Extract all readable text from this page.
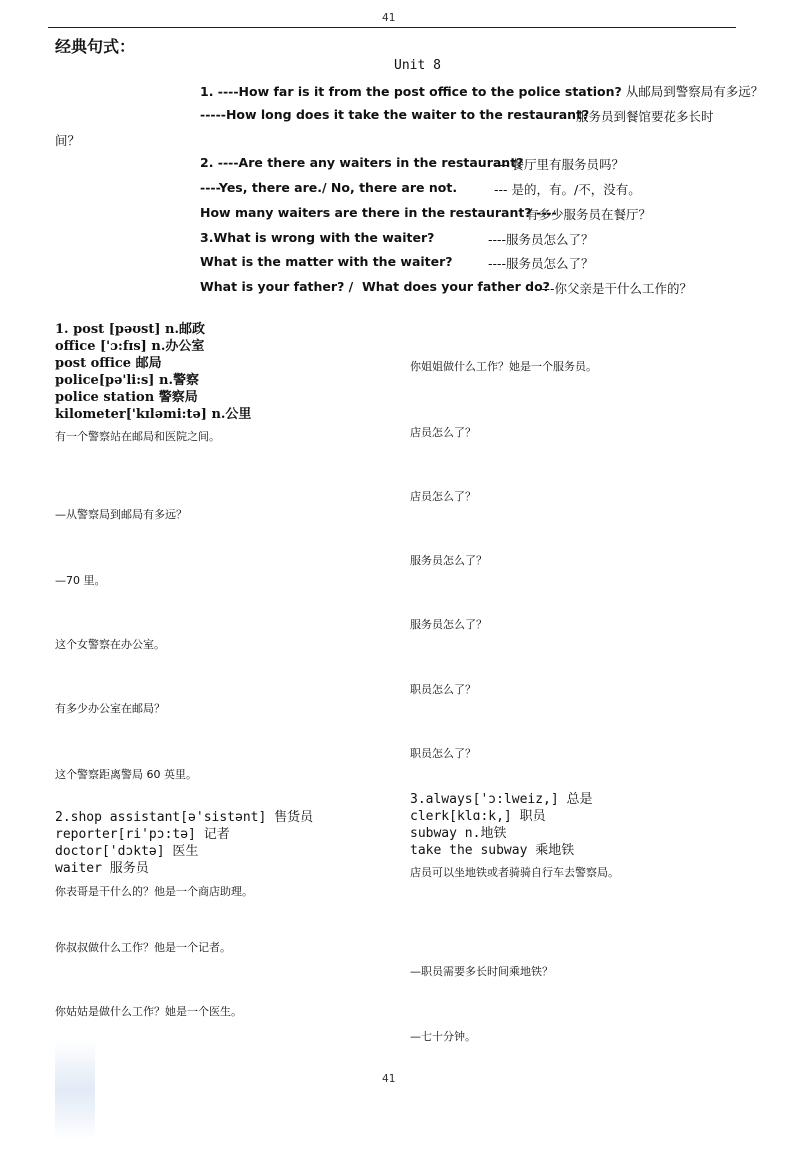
41
经典句式：
Unit 8
1. ----How far is it from the post office to the police station? 从邮局到警察局有多远？
-----How long does it take the waiter to the restaurant?
服务员到餐馆要花多长时
间？
2. ----Are there any waiters in the restaurant?
--- 餐厅里有服务员吗？
----Yes, there are./ No, there are not.	--- 是的，有。/不，没有。
How many waiters are there in the restaurant? ----
有多少服务员在餐厅？
3.What is wrong with the waiter?	----服务员怎么了？
What is the matter with the waiter?	----服务员怎么了？
What is your father? / What does your father do?
---你父亲是干什么工作的？
1. post [pəʊst] n.邮政
office ['ɔ:fɪs] n.办公室
post office 邮局
police[pə'li:s] n.警察
police station 警察局
kilometer['kɪləmi:tə] n.公里
有一个警察站在邮局和医院之间。
—从警察局到邮局有多远？
—70 里。
这个女警察在办公室。
有多少办公室在邮局？
这个警察距离警局 60 英里。
2.shop assistant[ə'sistənt] 售货员
reporter[ri'pɔ:tə] 记者
doctor['dɔktə] 医生
waiter 服务员
你表哥是干什么的？他是一个商店助理。
你叔叔做什么工作？他是一个记者。
你姑姑是做什么工作？她是一个医生。
你姐姐做什么工作？她是一个服务员。
店员怎么了？
店员怎么了？
服务员怎么了？
服务员怎么了？
职员怎么了？
职员怎么了？
3.always['ɔ:lweiz,] 总是
clerk[klɑ:k,] 职员
subway n.地铁
take the subway 乘地铁
店员可以坐地铁或者骑骑自行车去警察局。
—职员需要多长时间乘地铁？
—七十分钟。
41
